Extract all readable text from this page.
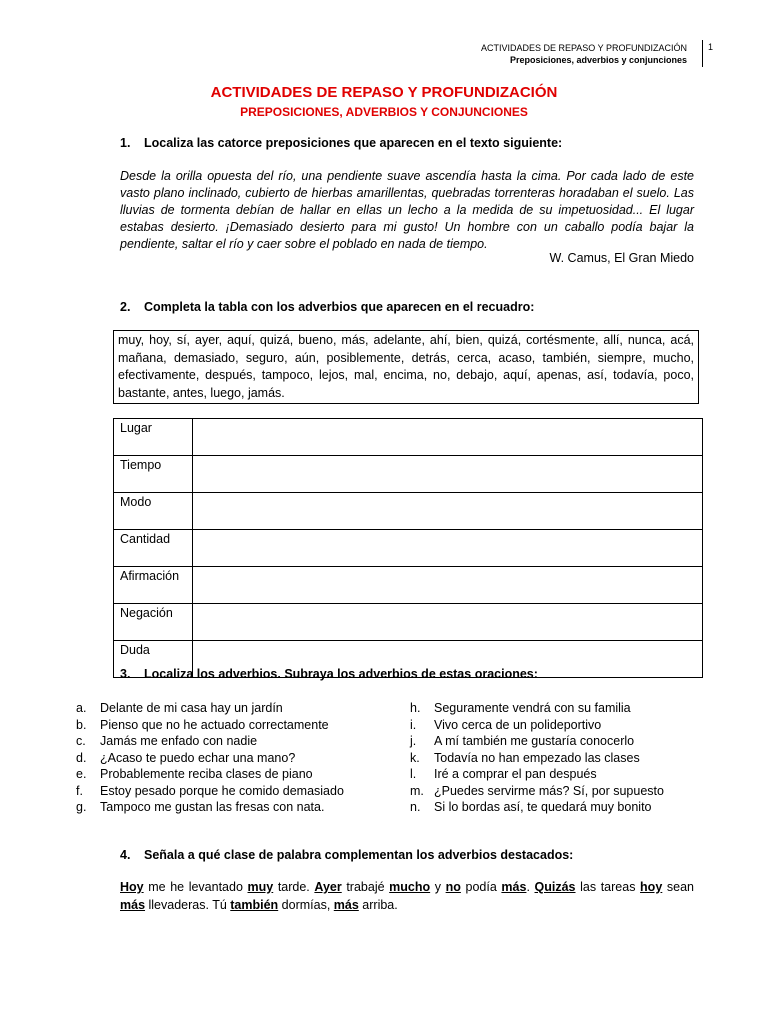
ACTIVIDADES DE REPASO Y PROFUNDIZACIÓN
Preposiciones, adverbios y conjunciones
1
ACTIVIDADES DE REPASO Y PROFUNDIZACIÓN
PREPOSICIONES, ADVERBIOS Y CONJUNCIONES
1. Localiza las catorce preposiciones que aparecen en el texto siguiente:
Desde la orilla opuesta del río, una pendiente suave ascendía hasta la cima. Por cada lado de este vasto plano inclinado, cubierto de hierbas amarillentas, quebradas torrenteras horadaban el suelo. Las lluvias de tormenta debían de hallar en ellas un lecho a la medida de su impetuosidad... El lugar estabas desierto. ¡Demasiado desierto para mi gusto! Un hombre con un caballo podía bajar la pendiente, saltar el río y caer sobre el poblado en nada de tiempo.
W. Camus, El Gran Miedo
2. Completa la tabla con los adverbios que aparecen en el recuadro:
muy, hoy, sí, ayer, aquí, quizá, bueno, más, adelante, ahí, bien, quizá, cortésmente, allí, nunca, acá, mañana, demasiado, seguro, aún, posiblemente, detrás, cerca, acaso, también, siempre, mucho, efectivamente, después, tampoco, lejos, mal, encima, no, debajo, aquí, apenas, así, todavía, poco, bastante, antes, luego, jamás.
Lugar	
Tiempo	
Modo	
Cantidad	
Afirmación	
Negación	
Duda	
3. Localiza los adverbios. Subraya los adverbios de estas oraciones:
a. Delante de mi casa hay un jardín
b. Pienso que no he actuado correctamente
c. Jamás me enfado con nadie
d. ¿Acaso te puedo echar una mano?
e. Probablemente reciba clases de piano
f. Estoy pesado porque he comido demasiado
g. Tampoco me gustan las fresas con nata.
h. Seguramente vendrá con su familia
i. Vivo cerca de un polideportivo
j. A mí también me gustaría conocerlo
k. Todavía no han empezado las clases
l. Iré a comprar el pan después
m. ¿Puedes servirme más? Sí, por supuesto
n. Si lo bordas así, te quedará muy bonito
4. Señala a qué clase de palabra complementan los adverbios destacados:
Hoy me he levantado muy tarde. Ayer trabajé mucho y no podía más. Quizás las tareas hoy sean más llevaderas. Tú también dormías, más arriba.
